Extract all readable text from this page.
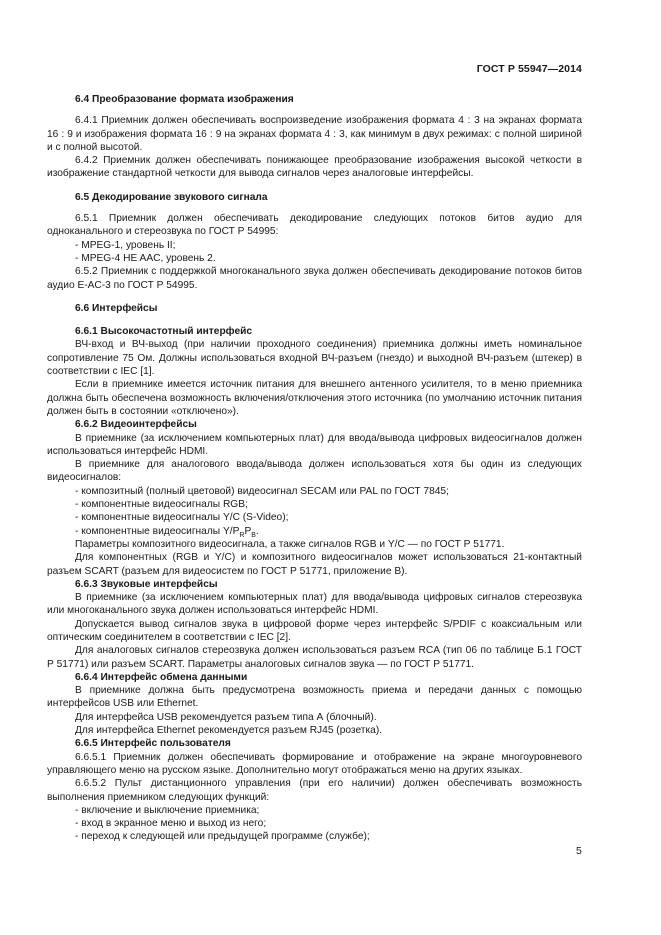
ГОСТ Р 55947—2014

6.4 Преобразование формата изображения

6.4.1 Приемник должен обеспечивать воспроизведение изображения формата 4 : 3 на экранах формата 16 : 9 и изображения формата 16 : 9 на экранах формата 4 : 3, как минимум в двух режимах: с полной шириной и с полной высотой.

6.4.2 Приемник должен обеспечивать понижающее преобразование изображения высокой четкости в изображение стандартной четкости для вывода сигналов через аналоговые интерфейсы.

6.5 Декодирование звукового сигнала

6.5.1 Приемник должен обеспечивать декодирование следующих потоков битов аудио для одноканального и стереозвука по ГОСТ Р 54995:

- MPEG-1, уровень II;

- MPEG-4 HE AAC, уровень 2.

6.5.2 Приемник с поддержкой многоканального звука должен обеспечивать декодирование потоков битов аудио E-AC-3 по ГОСТ Р 54995.

6.6 Интерфейсы

6.6.1 Высокочастотный интерфейс

ВЧ-вход и ВЧ-выход (при наличии проходного соединения) приемника должны иметь номинальное сопротивление 75 Ом. Должны использоваться входной ВЧ-разъем (гнездо) и выходной ВЧ-разъем (штекер) в соответствии с IEC [1].

Если в приемнике имеется источник питания для внешнего антенного усилителя, то в меню приемника должна быть обеспечена возможность включения/отключения этого источника (по умолчанию источник питания должен быть в состоянии «отключено»).

6.6.2 Видеоинтерфейсы

В приемнике (за исключением компьютерных плат) для ввода/вывода цифровых видеосигналов должен использоваться интерфейс HDMI.

В приемнике для аналогового ввода/вывода должен использоваться хотя бы один из следующих видеосигналов:

- композитный (полный цветовой) видеосигнал SECAM или PAL по ГОСТ 7845;

- компонентные видеосигналы RGB;

- компонентные видеосигналы Y/C (S-Video);

- компонентные видеосигналы $Y/P_RP_B$.

Параметры композитного видеосигнала, а также сигналов RGB и Y/C — по ГОСТ Р 51771.

Для компонентных (RGB и Y/C) и композитного видеосигналов может использоваться 21-контактный разъем SCART (разъем для видеосистем по ГОСТ Р 51771, приложение В).

6.6.3 Звуковые интерфейсы

В приемнике (за исключением компьютерных плат) для ввода/вывода цифровых сигналов стереозвука или многоканального звука должен использоваться интерфейс HDMI.

Допускается вывод сигналов звука в цифровой форме через интерфейс S/PDIF с коаксиальным или оптическим соединителем в соответствии с IEC [2].

Для аналоговых сигналов стереозвука должен использоваться разъем RCA (тип 06 по таблице Б.1 ГОСТ Р 51771) или разъем SCART. Параметры аналоговых сигналов звука — по ГОСТ Р 51771.

6.6.4 Интерфейс обмена данными

В приемнике должна быть предусмотрена возможность приема и передачи данных с помощью интерфейсов USB или Ethernet.

Для интерфейса USB рекомендуется разъем типа А (блочный).

Для интерфейса Ethernet рекомендуется разъем RJ45 (розетка).

6.6.5 Интерфейс пользователя

6.6.5.1 Приемник должен обеспечивать формирование и отображение на экране многоуровневого управляющего меню на русском языке. Дополнительно могут отображаться меню на других языках.

6.6.5.2 Пульт дистанционного управления (при его наличии) должен обеспечивать возможность выполнения приемником следующих функций:

- включение и выключение приемника;

- вход в экранное меню и выход из него;

- переход к следующей или предыдущей программе (службе);

5
